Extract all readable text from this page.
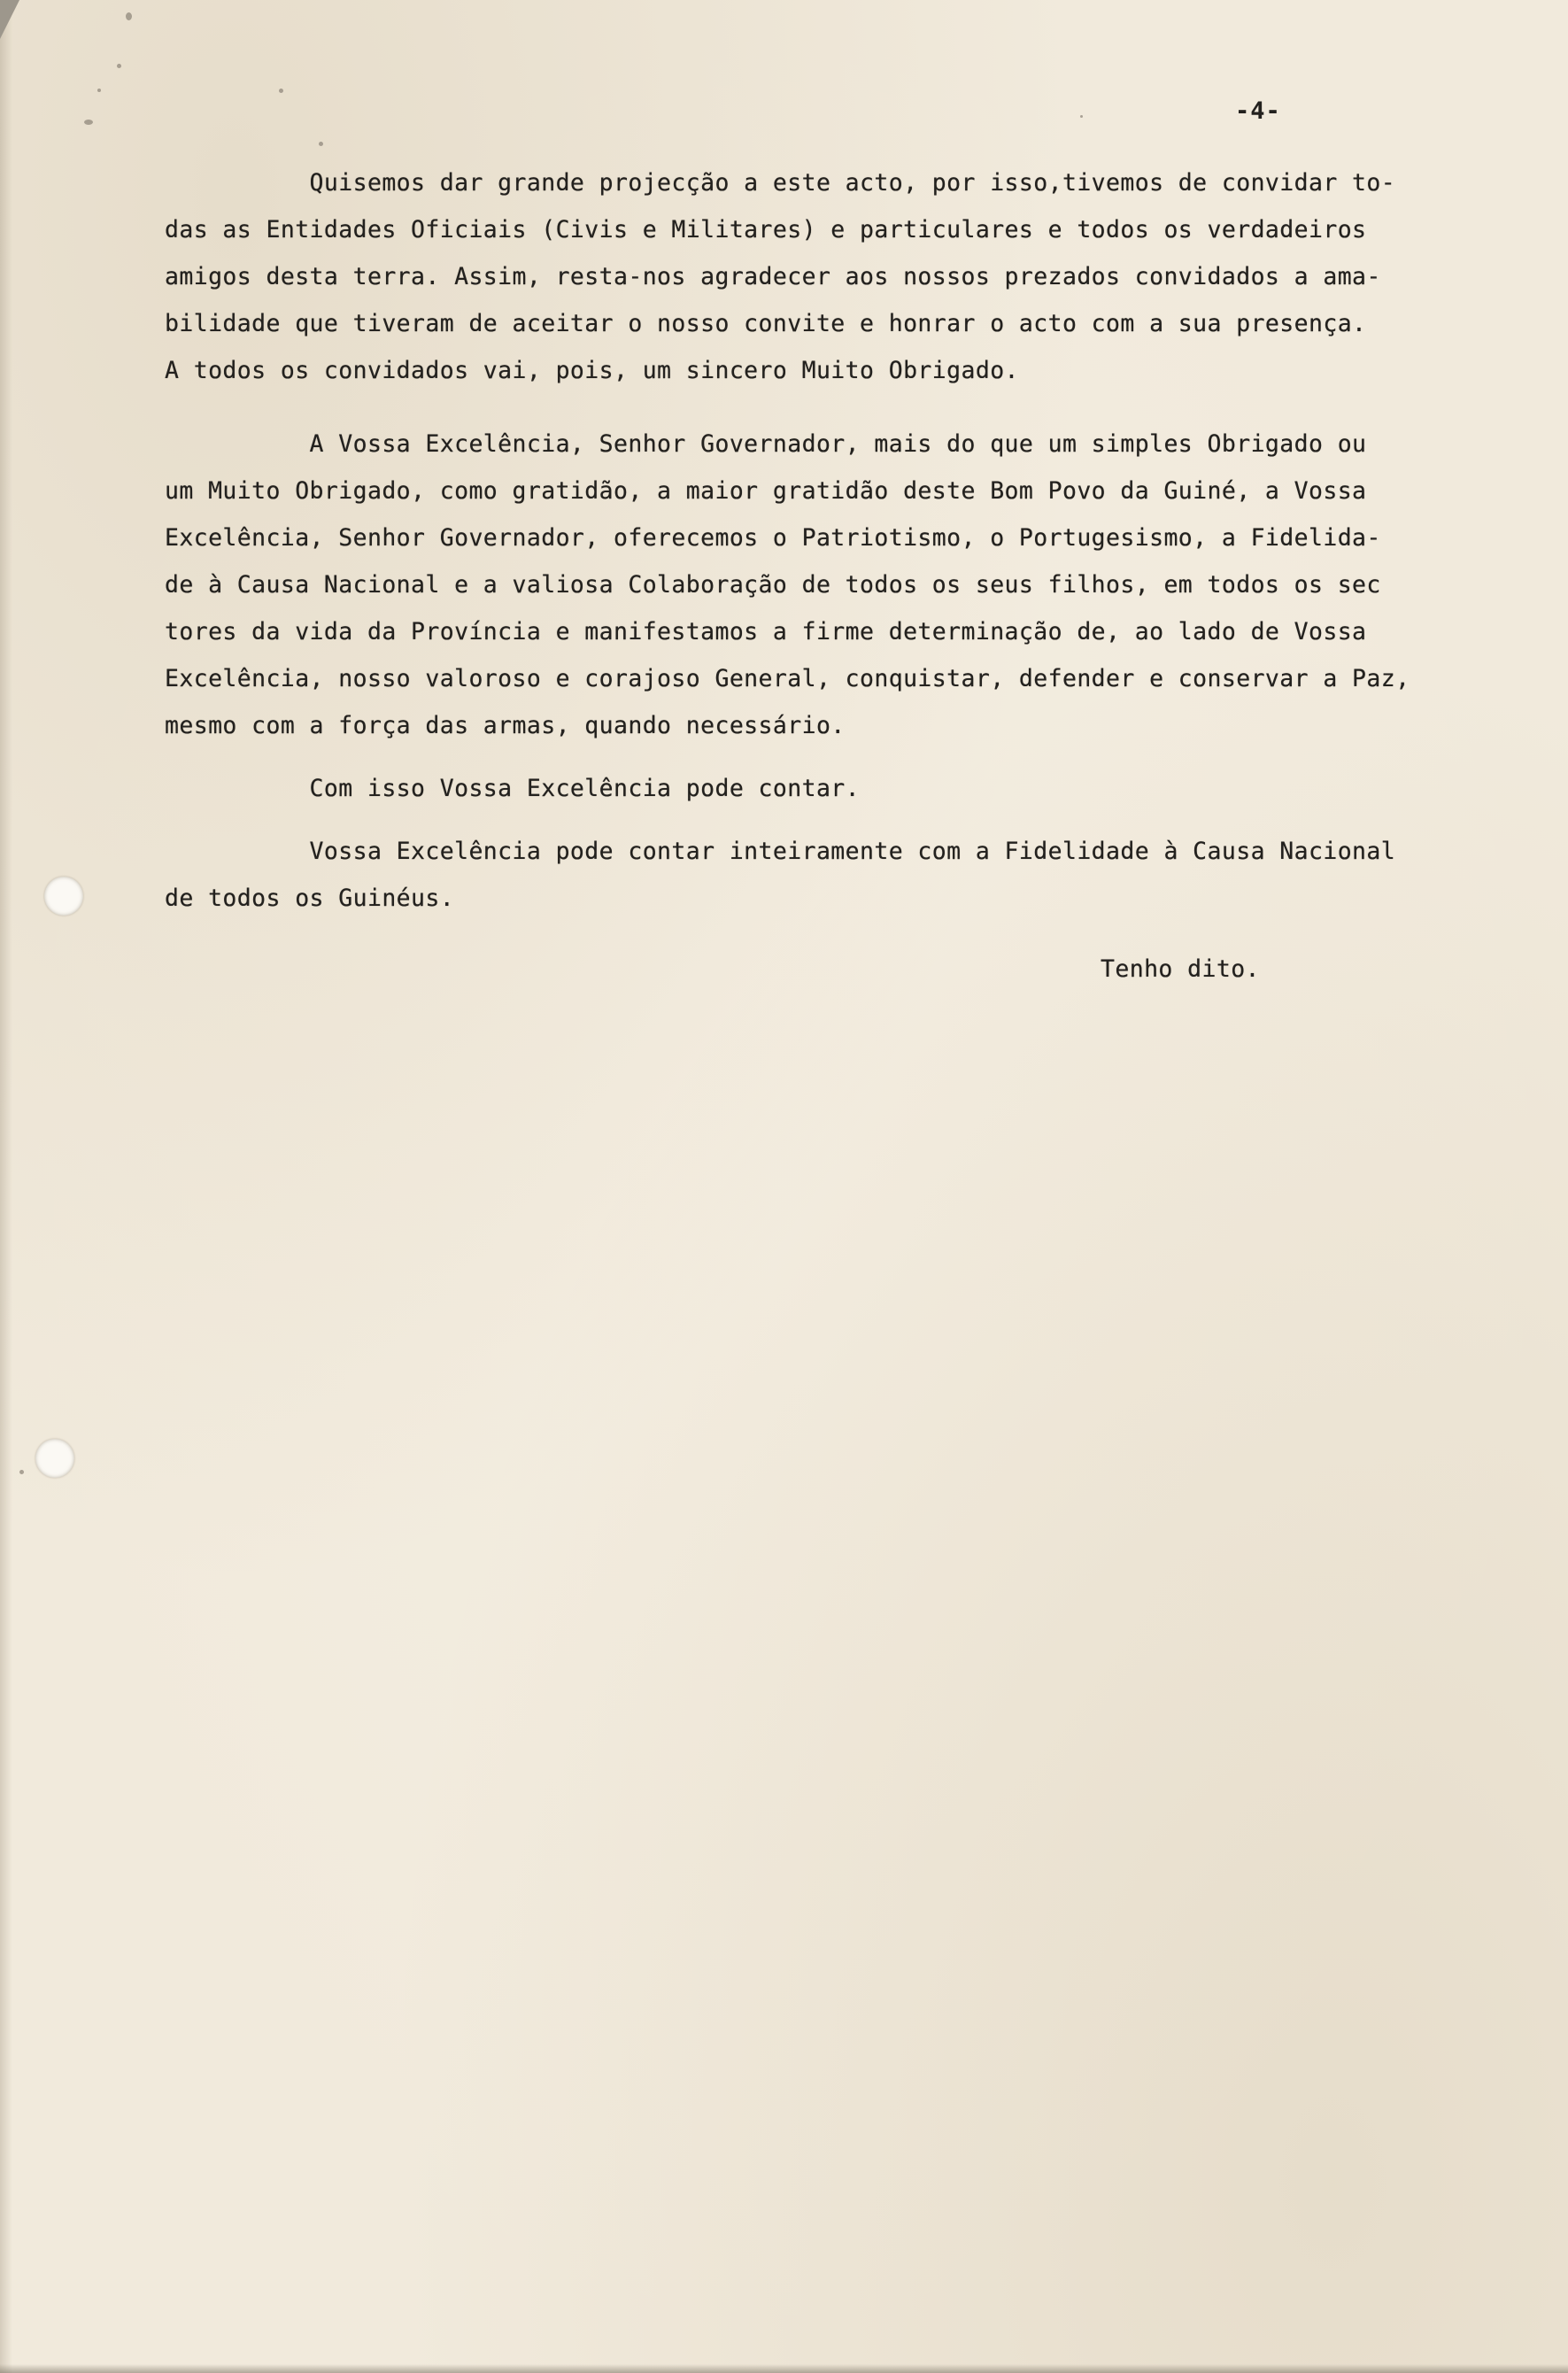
-4-
Quisemos dar grande projecção a este acto, por isso,tivemos de convidar to-
das as Entidades Oficiais (Civis e Militares) e particulares e todos os verdadeiros
amigos desta terra. Assim, resta-nos agradecer aos nossos prezados convidados a ama-
bilidade que tiveram de aceitar o nosso convite e honrar o acto com a sua presença.
A todos os convidados vai, pois, um sincero Muito Obrigado.
A Vossa Excelência, Senhor Governador, mais do que um simples Obrigado ou
um Muito Obrigado, como gratidão, a maior gratidão deste Bom Povo da Guiné, a Vossa
Excelência, Senhor Governador, oferecemos o Patriotismo, o Portugesismo, a Fidelida-
de à Causa Nacional e a valiosa Colaboração de todos os seus filhos, em todos os sec
tores da vida da Província e manifestamos a firme determinação de, ao lado de Vossa
Excelência, nosso valoroso e corajoso General, conquistar, defender e conservar a Paz,
mesmo com a força das armas, quando necessário.
Com isso Vossa Excelência pode contar.
Vossa Excelência pode contar inteiramente com a Fidelidade à Causa Nacional
de todos os Guinéus.
Tenho dito.
